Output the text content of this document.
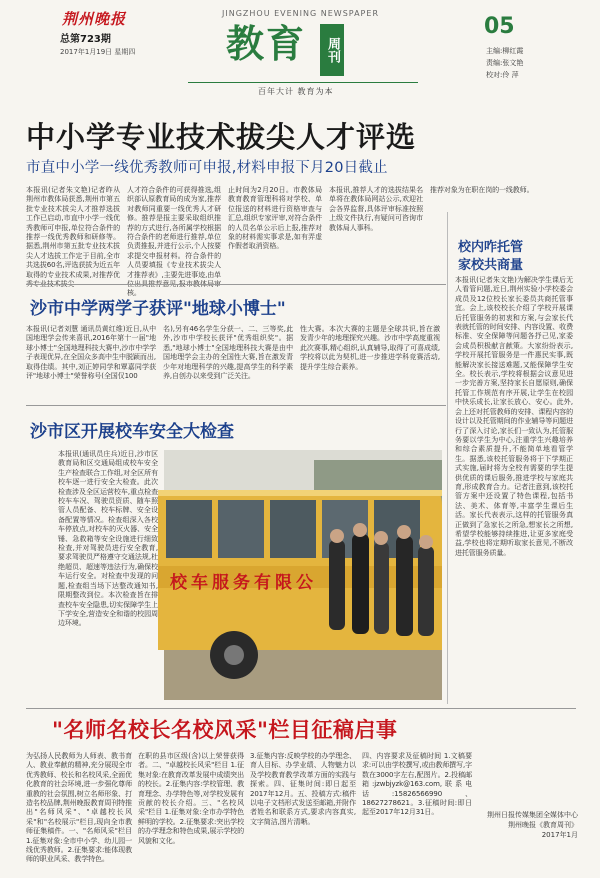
荆州晚报
总第723期
2017年1月19日 星期四
JINGZHOU EVENING NEWSPAPER
教育	周刊
百年大计 教育为本
05
主编:柳红霞
责编:张文艳
校对:伶 萍
中小学专业技术拔尖人才评选
市直中小学一线优秀教师可申报,材料申报下月20日截止
本报讯(记者朱文艳)记者昨从荆州市教体局获悉,荆州市第五批专业技术拔尖人才推荐选拔工作已启动,市直中小学一线优秀教师可申报,单位符合条件的推荐一线优秀教师和研修等。据悉,荆州市第五批专业技术拔尖人才选拔工作定于目前,全市共选拔60名,评选获拔为近五年取得的专业技术成果,对推荐优
人才符合条件的可获得推选,组织部认原教育局的成为家,推荐对教师同重要一线优秀人才研修。推荐是报主要采取组织推荐的方式进行,各所属学校根据符合条件的老师进行推荐,单位负责推报,并进行公示,个人按要求提交申报材料。符合条件的人员要填报《专业技术拔尖人才推荐表》,主要先进事迹,由单 核。
止时间为2月20日。市教体局教育教育管理科将对学校、单位报送的材料进行资格审查与汇总,组织专家评审,对符合条件的人员名单公示后上报,推荐对象的材料需实事求是,如有弄虚作假者取消资格。
本报讯,推荐人才的选拔结果名单将在教体局网站公示,欢迎社会各界监督,具体评审标准按照上级文件执行,有疑问可咨询市教体局人事科。
推荐对象为在职在岗的一线教师。
校内咋托管
家校共商量
本报讯(记者朱文艳)为解决学生课后无人看管问题,近日,荆州实验小学校委会成员及12位校长家长委员共商托管事宜。会上,该校校长介绍了学校开展课后托管服务的初衷和方案,与会家长代表就托管的时间安排、内容设置、收费标准、安全保障等问题各抒己见,家委会成员积极献言献策。大家纷纷表示,学校开展托管服务是一件惠民实事,既能解决家长接送难题,又能保障学生安全。校长表示,学校将根据会议意见进一步完善方案,坚持家长自愿原则,确保托管工作规范有序开展,让学生在校园中快乐成长,让家长放心、安心。此外,会上还对托管教师的安排、课程内容的设计以及托管期间的作业辅导等问题进行了深入讨论,家长们一致认为,托管服务要以学生为中心,注重学生兴趣培养和综合素质提升,不能简单地看管学生。据悉,该校托管服务将于下学期正式实施,届时将为全校有需要的学生提供优质的课后服务,推进学校与家庭共育,形成教育合力。记者注意到,该校托管方案中还设置了特色课程,包括书法、美术、体育等,丰富学生课后生活。家长代表表示,这样的托管服务真正做到了急家长之所急,想家长之所想,希望学校能够持续推进,让更多家庭受益,学校也将定期听取家长意见,不断改进托管服务质量。
沙市中学两学子获评"地球小博士"
本报讯(记者刘慧 通讯员黄红维)近日,从中国地理学会传来喜讯,2016年第十一届"地球小博士"全国地理科技大赛中,沙市中学学子表现优异,在全国众多高中生中脱颖而出,取得佳绩。其中,刘正婷同学和覃嘉同学获评"地球小博士"荣誉称号(全国仅100
名),另有46名学生分获一、二、三等奖,此外,沙市中学校长获评"优秀组织奖"。据悉,"地球小博士"全国地理科技大赛是由中国地理学会主办的全国性大赛,旨在激发青少年对地理科学的兴趣,提高学生的科学素养,自创办以来受到广泛关注。
性大赛。本次大赛的主题是全球共识,旨在激发青少年的地理探究兴趣。沙市中学高度重视此次赛事,精心组织,认真辅导,取得了可喜成绩,学校将以此为契机,进一步推进学科竞赛活动,提升学生综合素养。
沙市区开展校车安全大检查
本报讯(通讯员庄兵)近日,沙市区教育局和区交通局组成校车安全生产检查联合工作组,对全区所有校车逐一进行安全大检查。此次检查涉及全区运营校车,重点检查校车车况、驾驶员资质、随车照管人员配备、校车标牌、安全设备配置等情况。检查组深入各校车停放点,对校车的灭火器、安全锤、急救箱等安全设施进行细致检查,并对驾驶员进行安全教育,要求驾驶员严格遵守交通法规,杜绝超员、超速等违法行为,确保校车运行安全。对检查中发现的问题,检查组当场下达整改通知书,限期整改到位。本次检查旨在排查校车安全隐患,切实保障学生上下学安全,营造安全和谐的校园周边环境。
校车服务有限公
"名师名校长名校风采"栏目征稿启事
为弘扬人民教师为人师表、教书育人、教业奉献的精神,充分展现全市优秀教师、校长和名校风采,全面优化教育的社会环境,进一步强化尊师重教的社会氛围,树立名师形象、打造名校品牌,荆州晚报教育周刊特推出"名师风采"、"卓越校长风采"和"名校展示"栏目,现向全市教师征集稿件。一、"名师风采"栏目 1.征集对象:全市中小学、幼儿园一线优秀教师。2.征集要求:能体现教师的职业风采、教学特色。
在职的县市区级(含)以上荣誉获得者。二、"卓越校长风采"栏目 1.征集对象:在教育改革发展中成绩突出的校长。2.征集内容:学校管理、教育理念、办学特色等,对学校发展有贡献的校长介绍。三、"名校风采"栏目 1.征集对象:全市办学特色鲜明的学校。2.征集要求:突出学校的办学理念和特色成果,展示学校的风貌和文化。
3.征集内容:反映学校的办学理念、育人目标、办学业绩、人物魅力以及学校教育教学改革方面的实践与探索。四、征集时间:即日起至2017年12月。五、投稿方式:稿件以电子文档形式发送至邮箱,并附作者姓名和联系方式,要求内容真实,文字简洁,图片清晰。
四、内容要求及征稿时间 1.文稿要求:可以由学校撰写,或由教师撰写,字数在3000字左右,配图片。2.投稿邮箱:jzwbjyzk@163.com,联系电话:15826566990、18627278621。3.征稿时间:即日起至2017年12月31日。	荆州日报传媒集团全媒体中心
荆州晚报《教育周刊》
2017年1月
